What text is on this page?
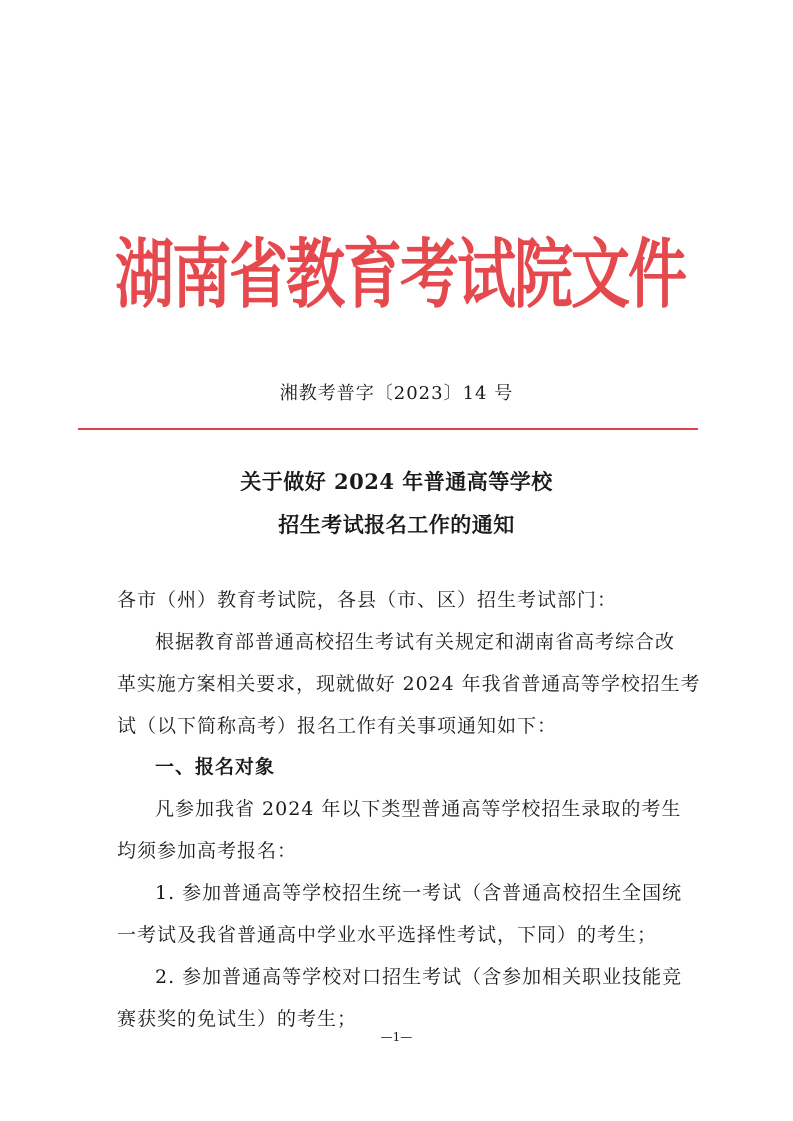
湖南省教育考试院文件
湘教考普字〔2023〕14 号
关于做好 2024 年普通高等学校
招生考试报名工作的通知
各市（州）教育考试院，各县（市、区）招生考试部门：
根据教育部普通高校招生考试有关规定和湖南省高考综合改
革实施方案相关要求，现就做好 2024 年我省普通高等学校招生考
试（以下简称高考）报名工作有关事项通知如下：
一、报名对象
凡参加我省 2024 年以下类型普通高等学校招生录取的考生
均须参加高考报名：
1. 参加普通高等学校招生统一考试（含普通高校招生全国统
一考试及我省普通高中学业水平选择性考试，下同）的考生；
2. 参加普通高等学校对口招生考试（含参加相关职业技能竞
赛获奖的免试生）的考生；
—1—
